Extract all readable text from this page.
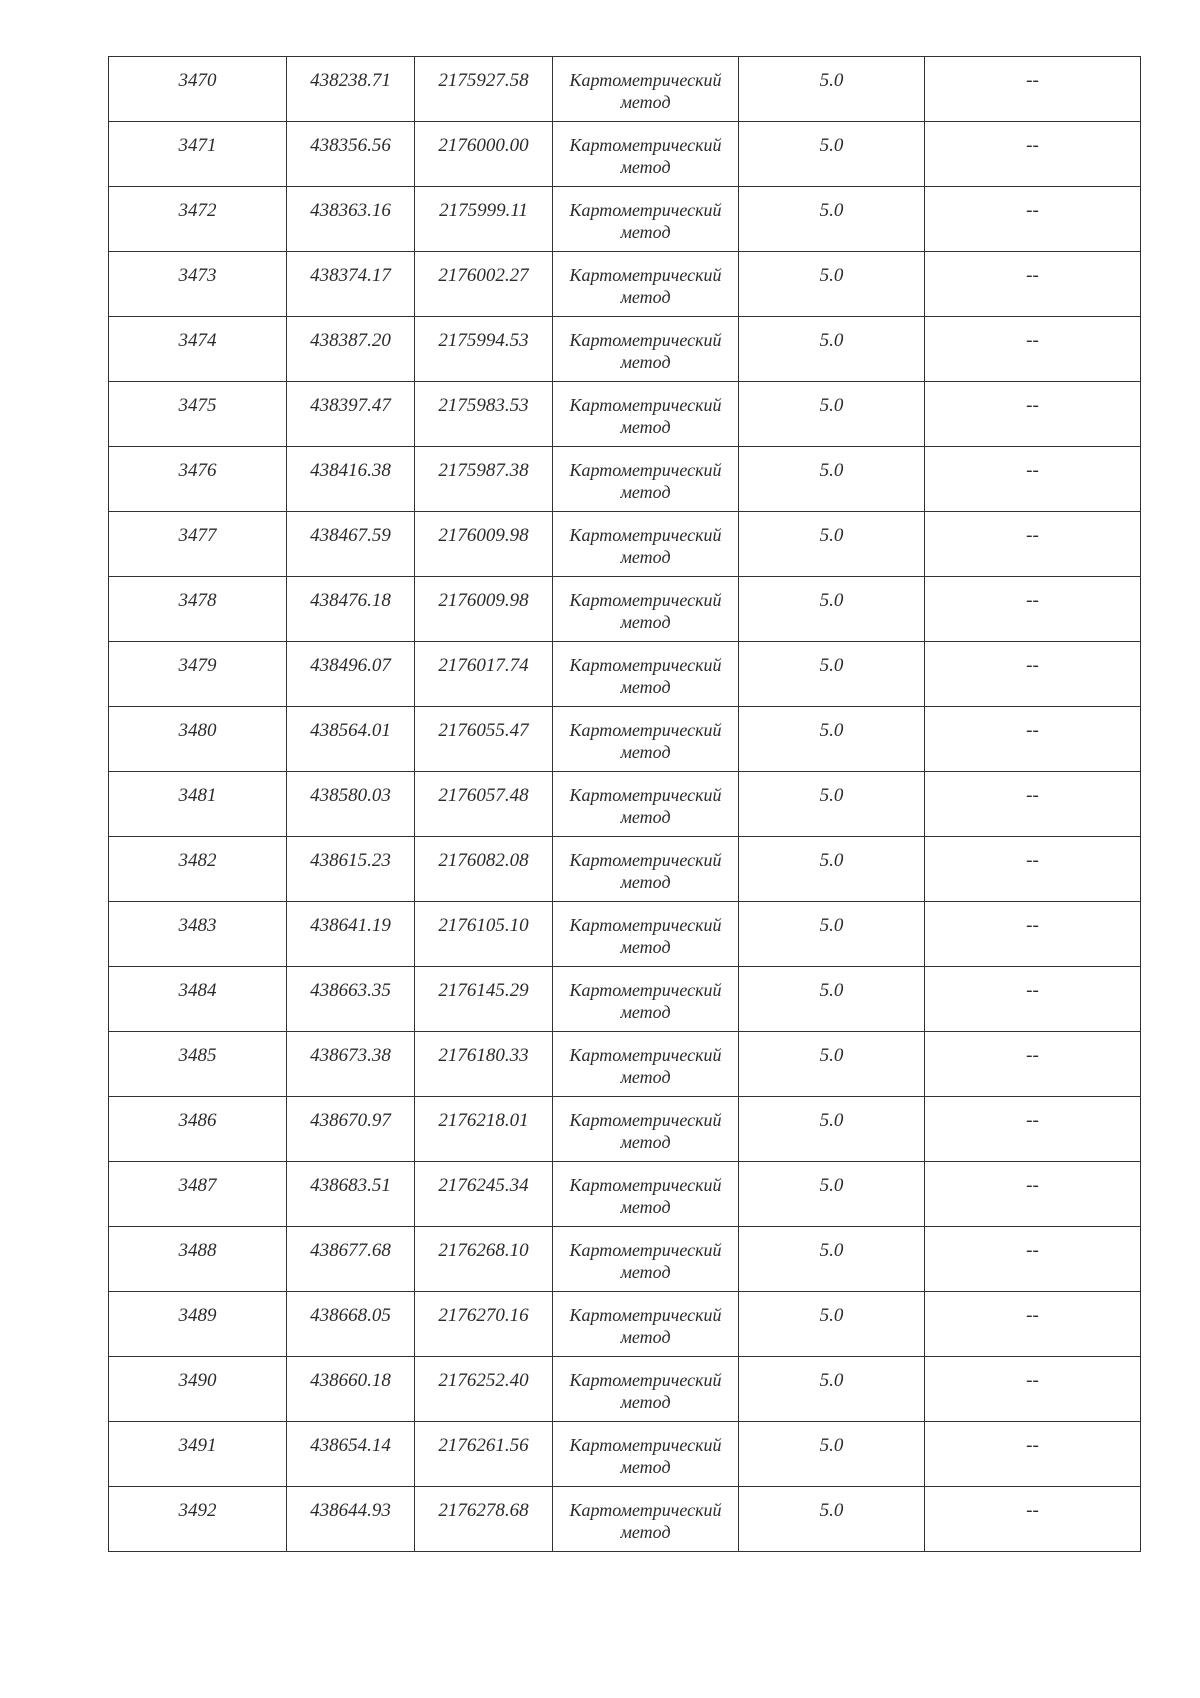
3470	438238.71	2175927.58	Картометрический метод	5.0	--
3471	438356.56	2176000.00	Картометрический метод	5.0	--
3472	438363.16	2175999.11	Картометрический метод	5.0	--
3473	438374.17	2176002.27	Картометрический метод	5.0	--
3474	438387.20	2175994.53	Картометрический метод	5.0	--
3475	438397.47	2175983.53	Картометрический метод	5.0	--
3476	438416.38	2175987.38	Картометрический метод	5.0	--
3477	438467.59	2176009.98	Картометрический метод	5.0	--
3478	438476.18	2176009.98	Картометрический метод	5.0	--
3479	438496.07	2176017.74	Картометрический метод	5.0	--
3480	438564.01	2176055.47	Картометрический метод	5.0	--
3481	438580.03	2176057.48	Картометрический метод	5.0	--
3482	438615.23	2176082.08	Картометрический метод	5.0	--
3483	438641.19	2176105.10	Картометрический метод	5.0	--
3484	438663.35	2176145.29	Картометрический метод	5.0	--
3485	438673.38	2176180.33	Картометрический метод	5.0	--
3486	438670.97	2176218.01	Картометрический метод	5.0	--
3487	438683.51	2176245.34	Картометрический метод	5.0	--
3488	438677.68	2176268.10	Картометрический метод	5.0	--
3489	438668.05	2176270.16	Картометрический метод	5.0	--
3490	438660.18	2176252.40	Картометрический метод	5.0	--
3491	438654.14	2176261.56	Картометрический метод	5.0	--
3492	438644.93	2176278.68	Картометрический метод	5.0	--
